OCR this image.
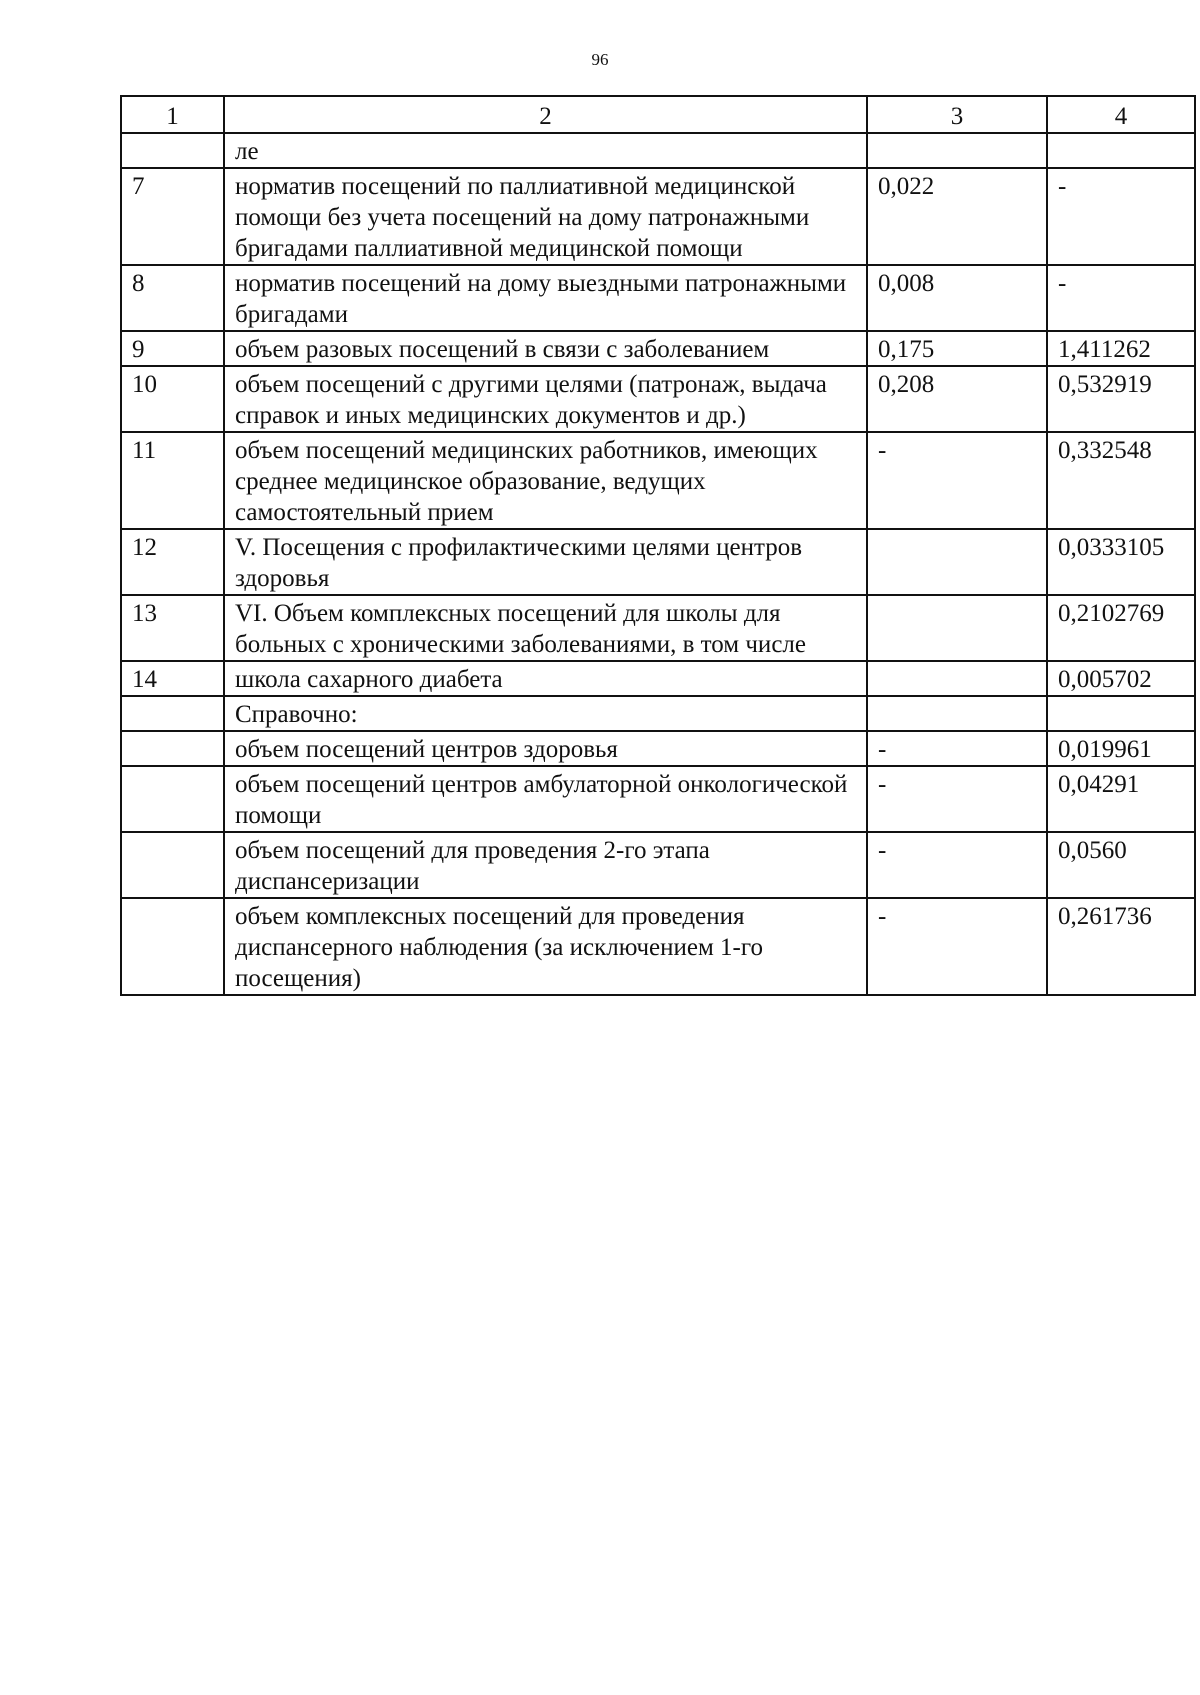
96
1	2	3	4
	ле		
7	норматив посещений по паллиативной медицинской помощи без учета посещений на дому патронажными бригадами паллиативной медицинской помощи	0,022	-
8	норматив посещений на дому выездными патронажными бригадами	0,008	-
9	объем разовых посещений в связи с заболеванием	0,175	1,411262
10	объем посещений с другими целями (патронаж, выдача справок и иных медицинских документов и др.)	0,208	0,532919
11	объем посещений медицинских работников, имеющих среднее медицинское образование, ведущих самостоятельный прием	-	0,332548
12	V. Посещения с профилактическими целями центров здоровья		0,0333105
13	VI. Объем комплексных посещений для школы для больных с хроническими заболеваниями, в том числе		0,2102769
14	школа сахарного диабета		0,005702
	Справочно:		
	объем посещений центров здоровья	-	0,019961
	объем посещений центров амбулаторной онкологической помощи	-	0,04291
	объем посещений для проведения 2-го этапа диспансеризации	-	0,0560
	объем комплексных посещений для проведения диспансерного наблюдения (за исключением 1-го посещения)	-	0,261736
